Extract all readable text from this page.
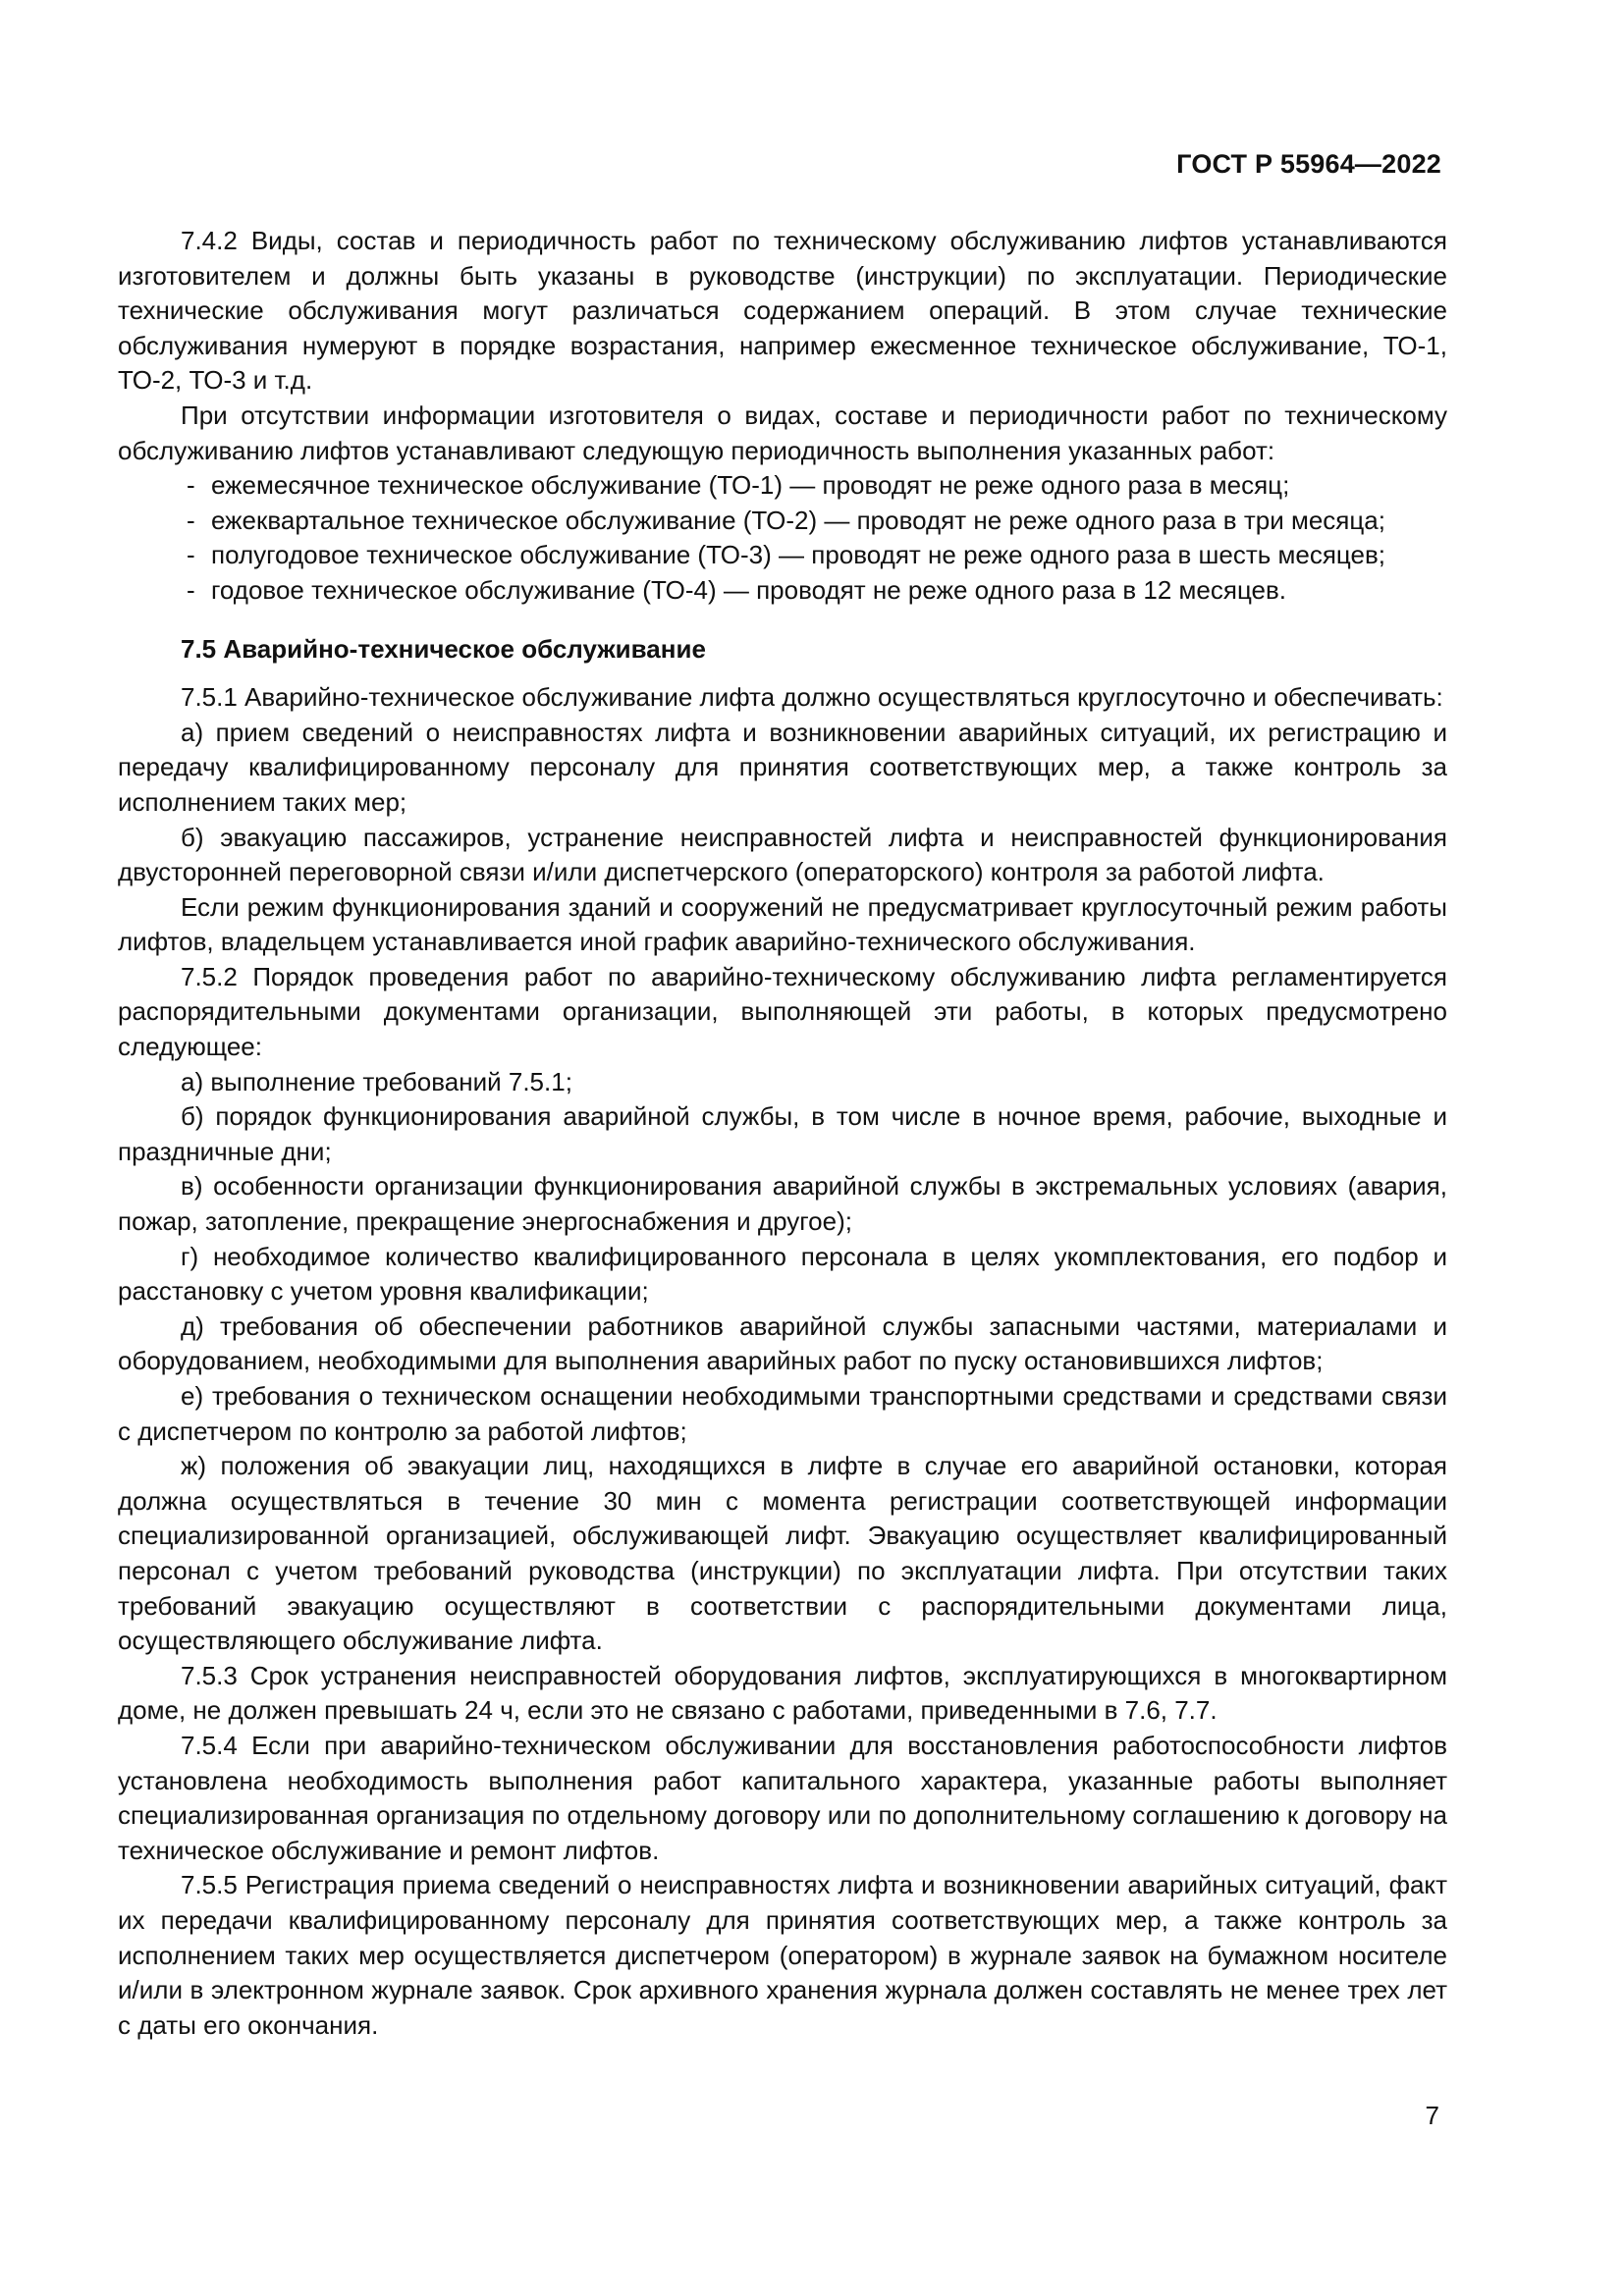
ГОСТ Р 55964—2022

7.4.2 Виды, состав и периодичность работ по техническому обслуживанию лифтов устанавливаются изготовителем и должны быть указаны в руководстве (инструкции) по эксплуатации. Периодические технические обслуживания могут различаться содержанием операций. В этом случае технические обслуживания нумеруют в порядке возрастания, например ежесменное техническое обслуживание, ТО-1, ТО-2, ТО-3 и т.д.

При отсутствии информации изготовителя о видах, составе и периодичности работ по техническому обслуживанию лифтов устанавливают следующую периодичность выполнения указанных работ:

- ежемесячное техническое обслуживание (ТО-1) — проводят не реже одного раза в месяц;
- ежеквартальное техническое обслуживание (ТО-2) — проводят не реже одного раза в три месяца;
- полугодовое техническое обслуживание (ТО-3) — проводят не реже одного раза в шесть месяцев;
- годовое техническое обслуживание (ТО-4) — проводят не реже одного раза в 12 месяцев.
7.5 Аварийно-техническое обслуживание

7.5.1 Аварийно-техническое обслуживание лифта должно осуществляться круглосуточно и обеспечивать:

а) прием сведений о неисправностях лифта и возникновении аварийных ситуаций, их регистрацию и передачу квалифицированному персоналу для принятия соответствующих мер, а также контроль за исполнением таких мер;

б) эвакуацию пассажиров, устранение неисправностей лифта и неисправностей функционирования двусторонней переговорной связи и/или диспетчерского (операторского) контроля за работой лифта.

Если режим функционирования зданий и сооружений не предусматривает круглосуточный режим работы лифтов, владельцем устанавливается иной график аварийно-технического обслуживания.

7.5.2 Порядок проведения работ по аварийно-техническому обслуживанию лифта регламентируется распорядительными документами организации, выполняющей эти работы, в которых предусмотрено следующее:

а) выполнение требований 7.5.1;

б) порядок функционирования аварийной службы, в том числе в ночное время, рабочие, выходные и праздничные дни;

в) особенности организации функционирования аварийной службы в экстремальных условиях (авария, пожар, затопление, прекращение энергоснабжения и другое);

г) необходимое количество квалифицированного персонала в целях укомплектования, его подбор и расстановку с учетом уровня квалификации;

д) требования об обеспечении работников аварийной службы запасными частями, материалами и оборудованием, необходимыми для выполнения аварийных работ по пуску остановившихся лифтов;

е) требования о техническом оснащении необходимыми транспортными средствами и средствами связи с диспетчером по контролю за работой лифтов;

ж) положения об эвакуации лиц, находящихся в лифте в случае его аварийной остановки, которая должна осуществляться в течение 30 мин с момента регистрации соответствующей информации специализированной организацией, обслуживающей лифт. Эвакуацию осуществляет квалифицированный персонал с учетом требований руководства (инструкции) по эксплуатации лифта. При отсутствии таких требований эвакуацию осуществляют в соответствии с распорядительными документами лица, осуществляющего обслуживание лифта.

7.5.3 Срок устранения неисправностей оборудования лифтов, эксплуатирующихся в многоквартирном доме, не должен превышать 24 ч, если это не связано с работами, приведенными в 7.6, 7.7.

7.5.4 Если при аварийно-техническом обслуживании для восстановления работоспособности лифтов установлена необходимость выполнения работ капитального характера, указанные работы выполняет специализированная организация по отдельному договору или по дополнительному соглашению к договору на техническое обслуживание и ремонт лифтов.

7.5.5 Регистрация приема сведений о неисправностях лифта и возникновении аварийных ситуаций, факт их передачи квалифицированному персоналу для принятия соответствующих мер, а также контроль за исполнением таких мер осуществляется диспетчером (оператором) в журнале заявок на бумажном носителе и/или в электронном журнале заявок. Срок архивного хранения журнала должен составлять не менее трех лет с даты его окончания.

7
